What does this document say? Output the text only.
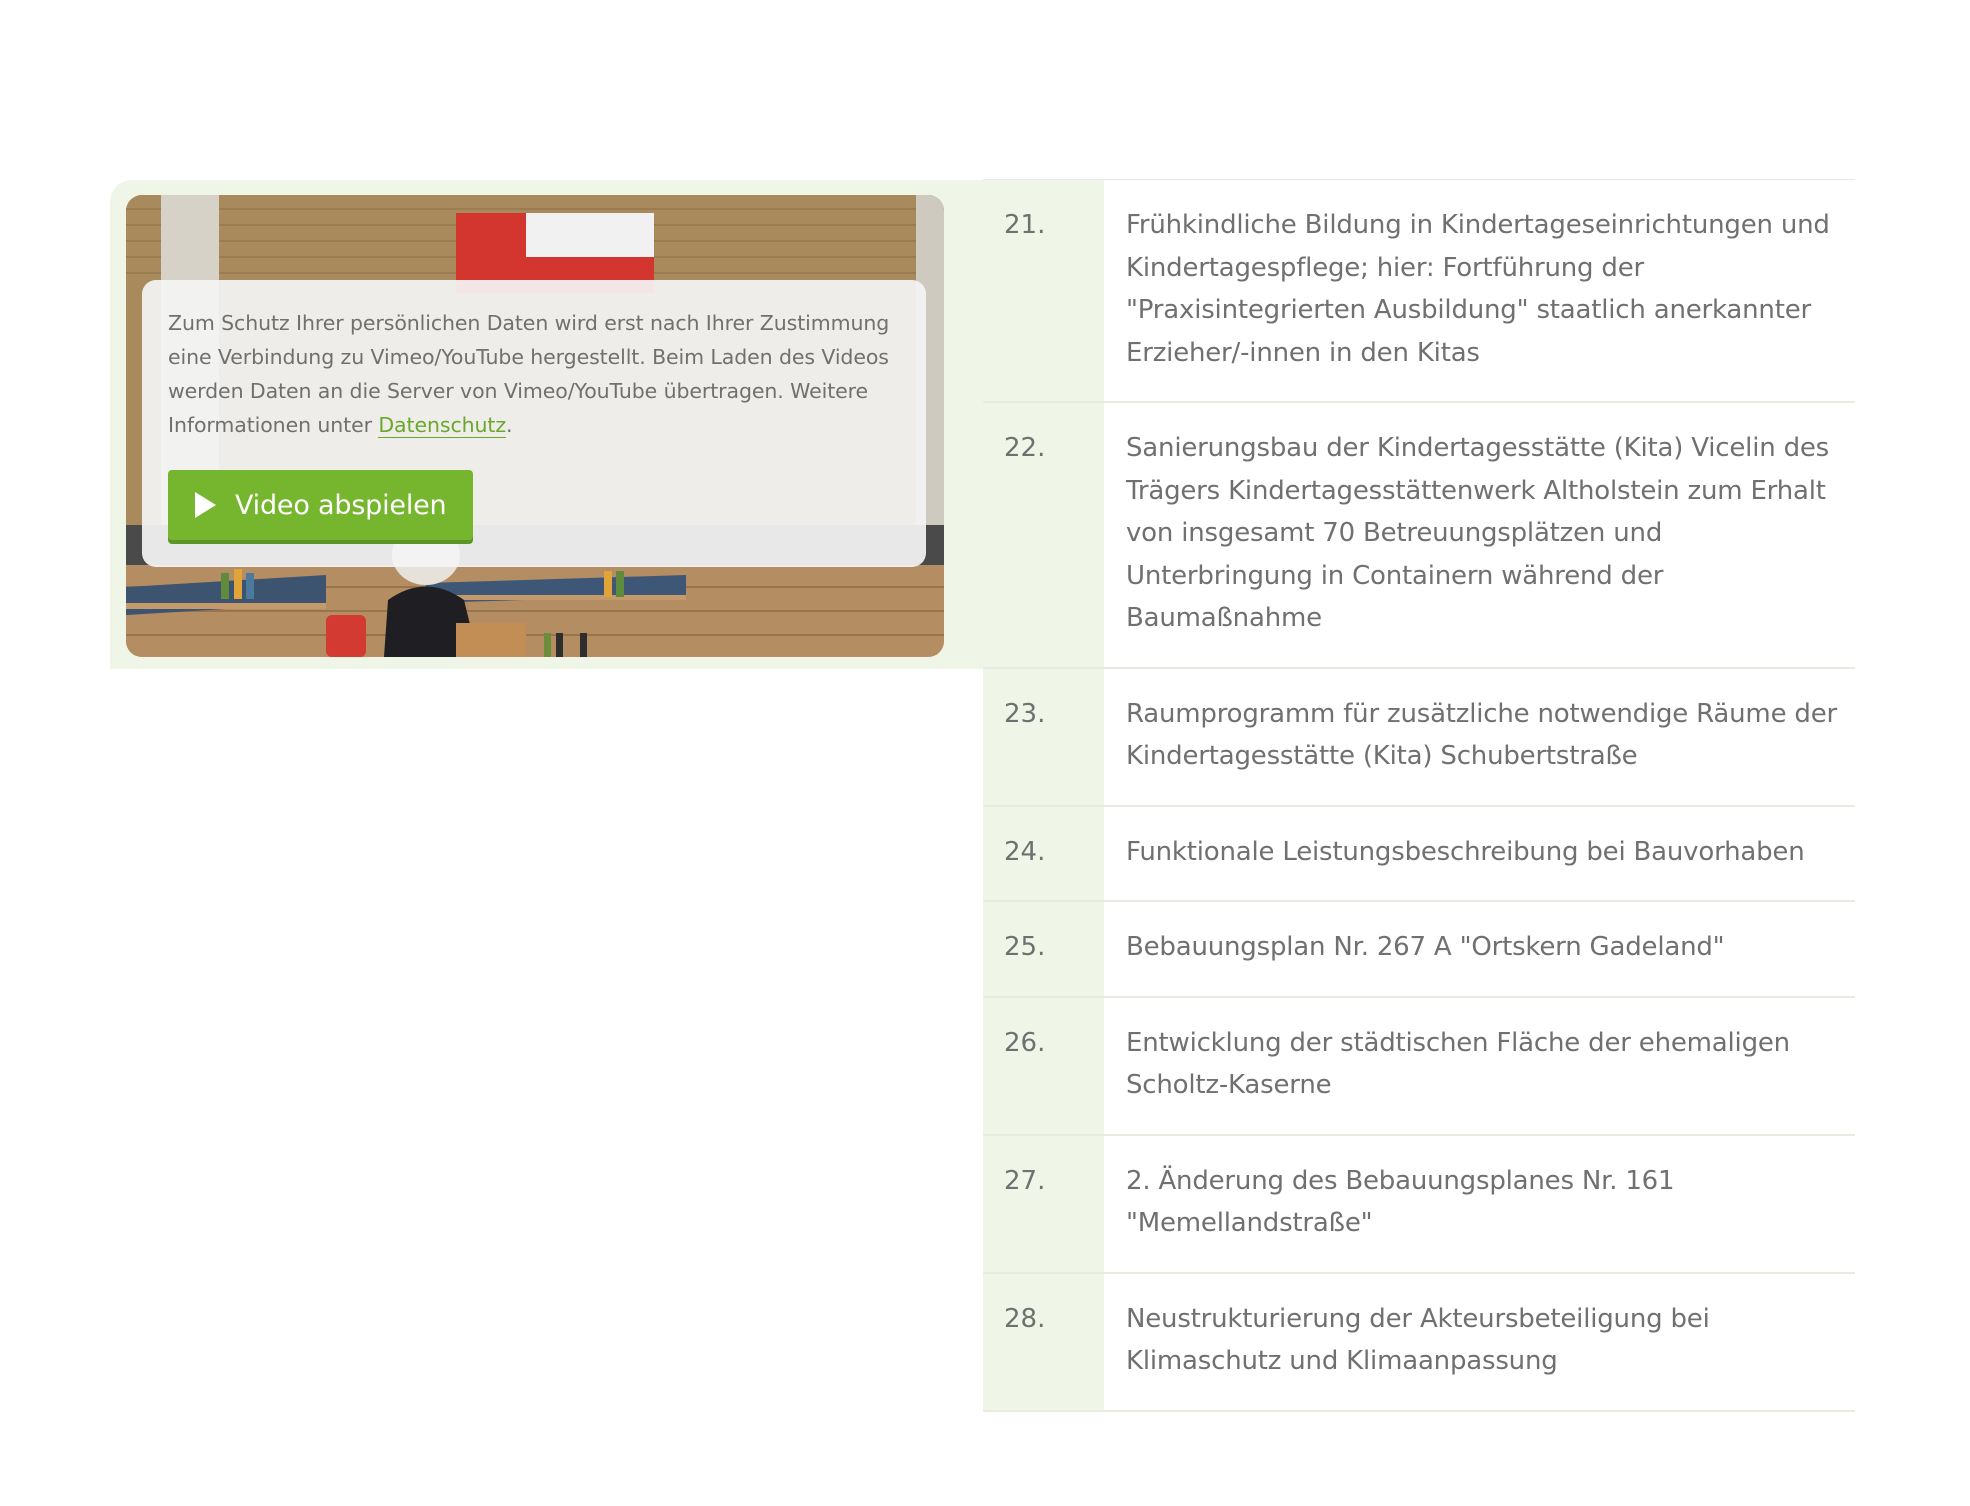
Zum Schutz Ihrer persönlichen Daten wird erst nach Ihrer Zustimmung eine Verbindung zu Vimeo/YouTube hergestellt. Beim Laden des Videos werden Daten an die Server von Vimeo/YouTube übertragen. Weitere Informationen unter Datenschutz.

Video abspielen
21.	Frühkindliche Bildung in Kindertageseinrichtungen und Kindertagespflege; hier: Fortführung der "Praxisintegrierten Ausbildung" staatlich anerkannter Erzieher/-innen in den Kitas
22.	Sanierungsbau der Kindertagesstätte (Kita) Vicelin des Trägers Kindertagesstättenwerk Altholstein zum Erhalt von insgesamt 70 Betreuungsplätzen und Unterbringung in Containern während der Baumaßnahme
23.	Raumprogramm für zusätzliche notwendige Räume der Kindertagesstätte (Kita) Schubertstraße
24.	Funktionale Leistungsbeschreibung bei Bauvorhaben
25.	Bebauungsplan Nr. 267 A "Ortskern Gadeland"
26.	Entwicklung der städtischen Fläche der ehemaligen Scholtz-Kaserne
27.	2. Änderung des Bebauungsplanes Nr. 161 "Memellandstraße"
28.	Neustrukturierung der Akteursbeteiligung bei Klimaschutz und Klimaanpassung
